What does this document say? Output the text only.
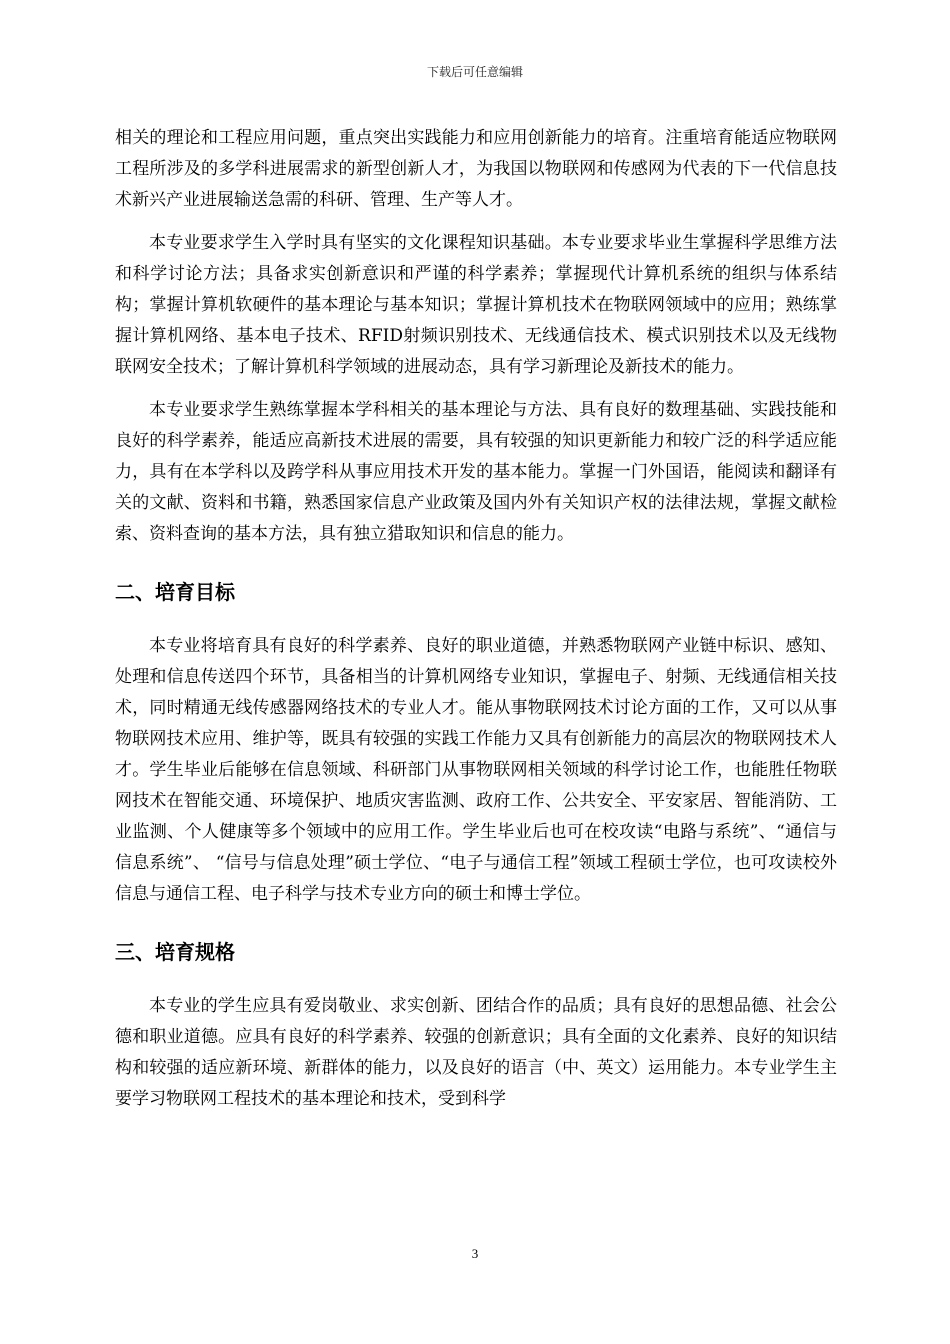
下载后可任意编辑

相关的理论和工程应用问题，重点突出实践能力和应用创新能力的培育。注重培育能适应物联网工程所涉及的多学科进展需求的新型创新人才，为我国以物联网和传感网为代表的下一代信息技术新兴产业进展输送急需的科研、管理、生产等人才。

本专业要求学生入学时具有坚实的文化课程知识基础。本专业要求毕业生掌握科学思维方法和科学讨论方法；具备求实创新意识和严谨的科学素养；掌握现代计算机系统的组织与体系结构；掌握计算机软硬件的基本理论与基本知识；掌握计算机技术在物联网领域中的应用；熟练掌握计算机网络、基本电子技术、RFID射频识别技术、无线通信技术、模式识别技术以及无线物联网安全技术；了解计算机科学领域的进展动态，具有学习新理论及新技术的能力。

本专业要求学生熟练掌握本学科相关的基本理论与方法、具有良好的数理基础、实践技能和良好的科学素养，能适应高新技术进展的需要，具有较强的知识更新能力和较广泛的科学适应能力，具有在本学科以及跨学科从事应用技术开发的基本能力。掌握一门外国语，能阅读和翻译有关的文献、资料和书籍，熟悉国家信息产业政策及国内外有关知识产权的法律法规，掌握文献检索、资料查询的基本方法，具有独立猎取知识和信息的能力。

二、培育目标

本专业将培育具有良好的科学素养、良好的职业道德，并熟悉物联网产业链中标识、感知、处理和信息传送四个环节，具备相当的计算机网络专业知识，掌握电子、射频、无线通信相关技术，同时精通无线传感器网络技术的专业人才。能从事物联网技术讨论方面的工作，又可以从事物联网技术应用、维护等，既具有较强的实践工作能力又具有创新能力的高层次的物联网技术人才。学生毕业后能够在信息领域、科研部门从事物联网相关领域的科学讨论工作，也能胜任物联网技术在智能交通、环境保护、地质灾害监测、政府工作、公共安全、平安家居、智能消防、工业监测、个人健康等多个领域中的应用工作。学生毕业后也可在校攻读“电路与系统”、“通信与信息系统”、 “信号与信息处理”硕士学位、“电子与通信工程”领域工程硕士学位，也可攻读校外信息与通信工程、电子科学与技术专业方向的硕士和博士学位。

三、培育规格

本专业的学生应具有爱岗敬业、求实创新、团结合作的品质；具有良好的思想品德、社会公德和职业道德。应具有良好的科学素养、较强的创新意识；具有全面的文化素养、良好的知识结构和较强的适应新环境、新群体的能力，以及良好的语言（中、英文）运用能力。本专业学生主要学习物联网工程技术的基本理论和技术，受到科学

3
